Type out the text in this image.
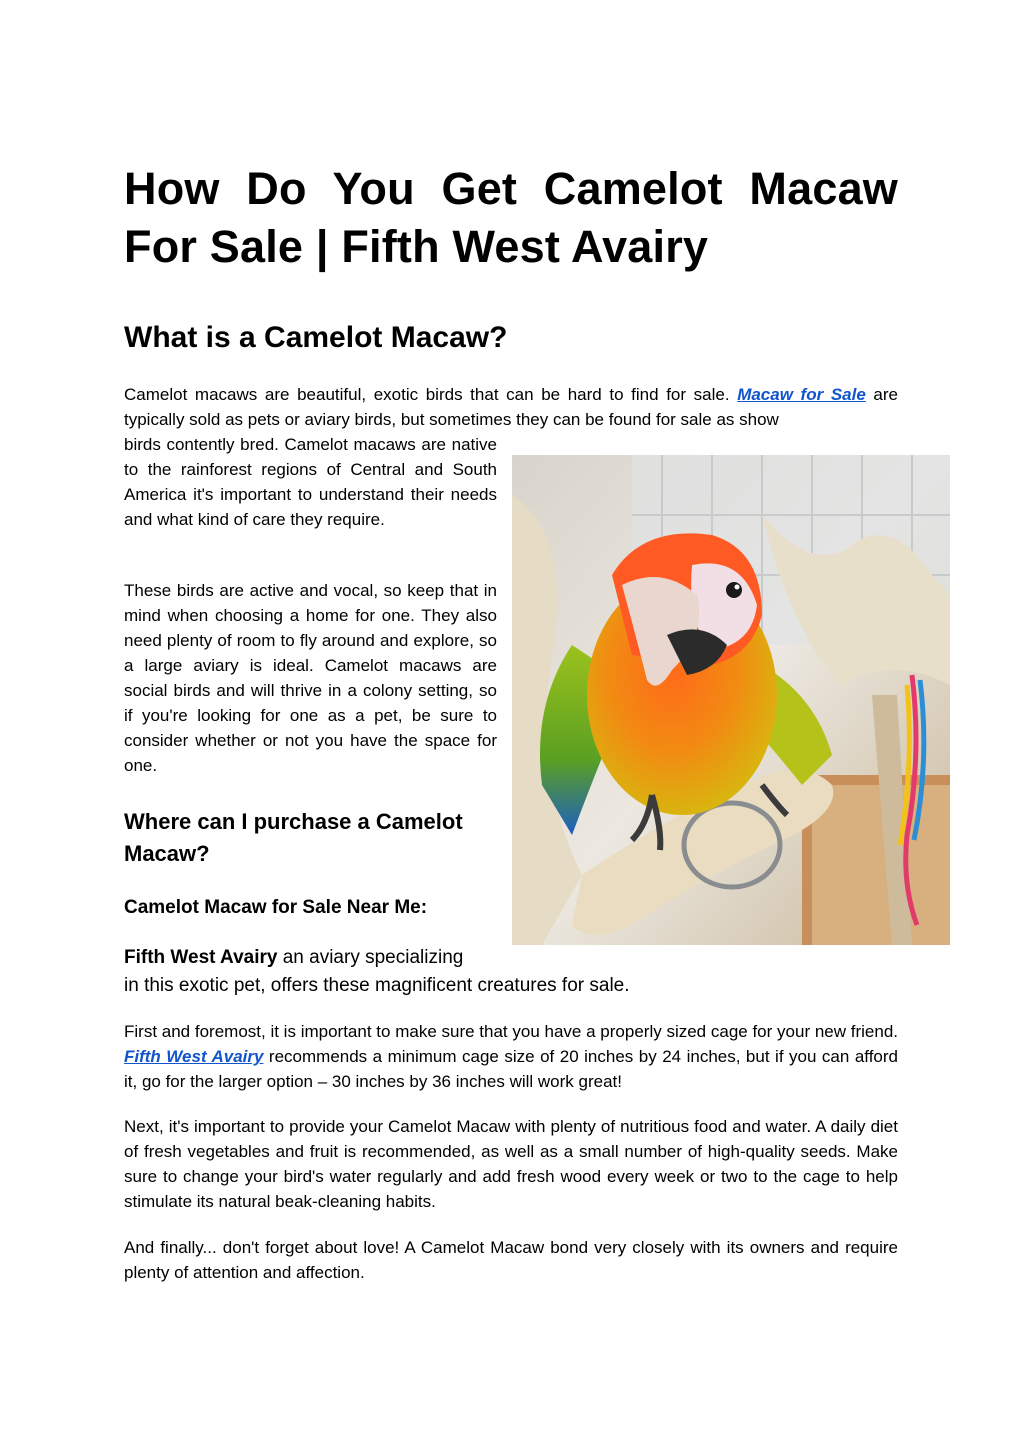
How Do You Get Camelot Macaw
For Sale | Fifth West Avairy
What is a Camelot Macaw?

Camelot macaws are beautiful, exotic birds that can be hard to find for sale. Macaw for Sale are typically sold as pets or aviary birds, but sometimes they can be found for sale as show
birds contently bred. Camelot macaws are native to the rainforest regions of Central and South America it's important to understand their needs and what kind of care they require.

These birds are active and vocal, so keep that in mind when choosing a home for one. They also need plenty of room to fly around and explore, so a large aviary is ideal. Camelot macaws are social birds and will thrive in a colony setting, so if you're looking for one as a pet, be sure to consider whether or not you have the space for one.

Where can I purchase a Camelot Macaw?

Camelot Macaw for Sale Near Me:

Fifth West Avairy an aviary specializing
in this exotic pet, offers these magnificent creatures for sale.

First and foremost, it is important to make sure that you have a properly sized cage for your new friend. Fifth West Avairy recommends a minimum cage size of 20 inches by 24 inches, but if you can afford it, go for the larger option – 30 inches by 36 inches will work great!

Next, it's important to provide your Camelot Macaw with plenty of nutritious food and water. A daily diet of fresh vegetables and fruit is recommended, as well as a small number of high-quality seeds. Make sure to change your bird's water regularly and add fresh wood every week or two to the cage to help stimulate its natural beak-cleaning habits.

And finally... don't forget about love! A Camelot Macaw bond very closely with its owners and require plenty of attention and affection.
